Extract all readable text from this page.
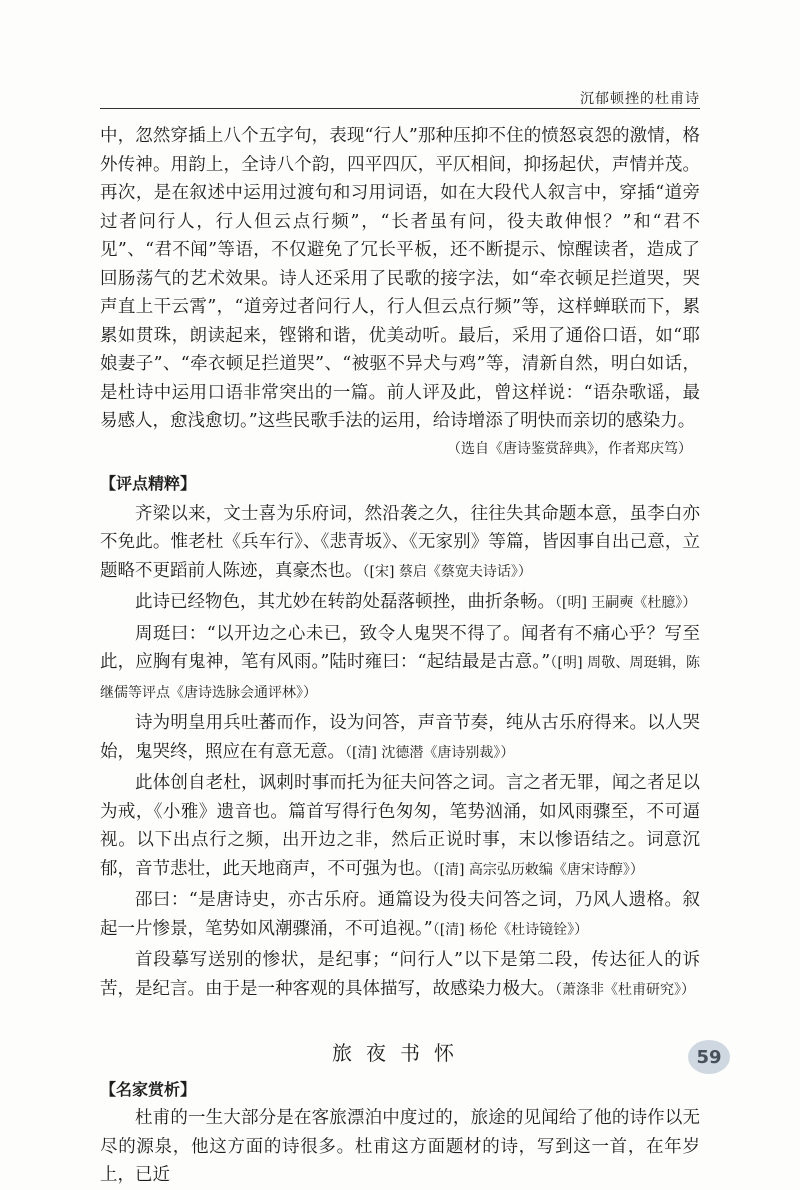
沉郁顿挫的杜甫诗

中，忽然穿插上八个五字句，表现“行人”那种压抑不住的愤怒哀怨的激情，格外传神。用韵上，全诗八个韵，四平四仄，平仄相间，抑扬起伏，声情并茂。再次，是在叙述中运用过渡句和习用词语，如在大段代人叙言中，穿插“道旁过者问行人，行人但云点行频”，“长者虽有问，役夫敢伸恨？”和“君不见”、“君不闻”等语，不仅避免了冗长平板，还不断提示、惊醒读者，造成了回肠荡气的艺术效果。诗人还采用了民歌的接字法，如“牵衣顿足拦道哭，哭声直上干云霄”，“道旁过者问行人，行人但云点行频”等，这样蝉联而下，累累如贯珠，朗读起来，铿锵和谐，优美动听。最后，采用了通俗口语，如“耶娘妻子”、“牵衣顿足拦道哭”、“被驱不异犬与鸡”等，清新自然，明白如话，是杜诗中运用口语非常突出的一篇。前人评及此，曾这样说：“语杂歌谣，最易感人，愈浅愈切。”这些民歌手法的运用，给诗增添了明快而亲切的感染力。

（选自《唐诗鉴赏辞典》，作者郑庆笃）

【评点精粹】

齐梁以来，文士喜为乐府词，然沿袭之久，往往失其命题本意，虽李白亦不免此。惟老杜《兵车行》、《悲青坂》、《无家别》等篇，皆因事自出己意，立题略不更蹈前人陈迹，真豪杰也。（[宋] 蔡启《蔡宽夫诗话》）

此诗已经物色，其尤妙在转韵处磊落顿挫，曲折条畅。（[明] 王嗣奭《杜臆》）

周珽曰：“以开边之心未已，致令人鬼哭不得了。闻者有不痛心乎？写至此，应胸有鬼神，笔有风雨。”陆时雍曰：“起结最是古意。”（[明] 周敬、周珽辑，陈继儒等评点《唐诗选脉会通评林》）

诗为明皇用兵吐蕃而作，设为问答，声音节奏，纯从古乐府得来。以人哭始，鬼哭终，照应在有意无意。（[清] 沈德潜《唐诗别裁》）

此体创自老杜，讽刺时事而托为征夫问答之词。言之者无罪，闻之者足以为戒，《小雅》遗音也。篇首写得行色匆匆，笔势汹涌，如风雨骤至，不可逼视。以下出点行之频，出开边之非，然后正说时事，末以惨语结之。词意沉郁，音节悲壮，此天地商声，不可强为也。（[清] 高宗弘历敕编《唐宋诗醇》）

邵曰：“是唐诗史，亦古乐府。通篇设为役夫问答之词，乃风人遗格。叙起一片惨景，笔势如风潮骤涌，不可追视。”（[清] 杨伦《杜诗镜铨》）

首段摹写送别的惨状，是纪事；“问行人”以下是第二段，传达征人的诉苦，是纪言。由于是一种客观的具体描写，故感染力极大。（萧涤非《杜甫研究》）

旅夜书怀
【名家赏析】

杜甫的一生大部分是在客旅漂泊中度过的，旅途的见闻给了他的诗作以无尽的源泉，他这方面的诗很多。杜甫这方面题材的诗，写到这一首，在年岁上，已近

59
